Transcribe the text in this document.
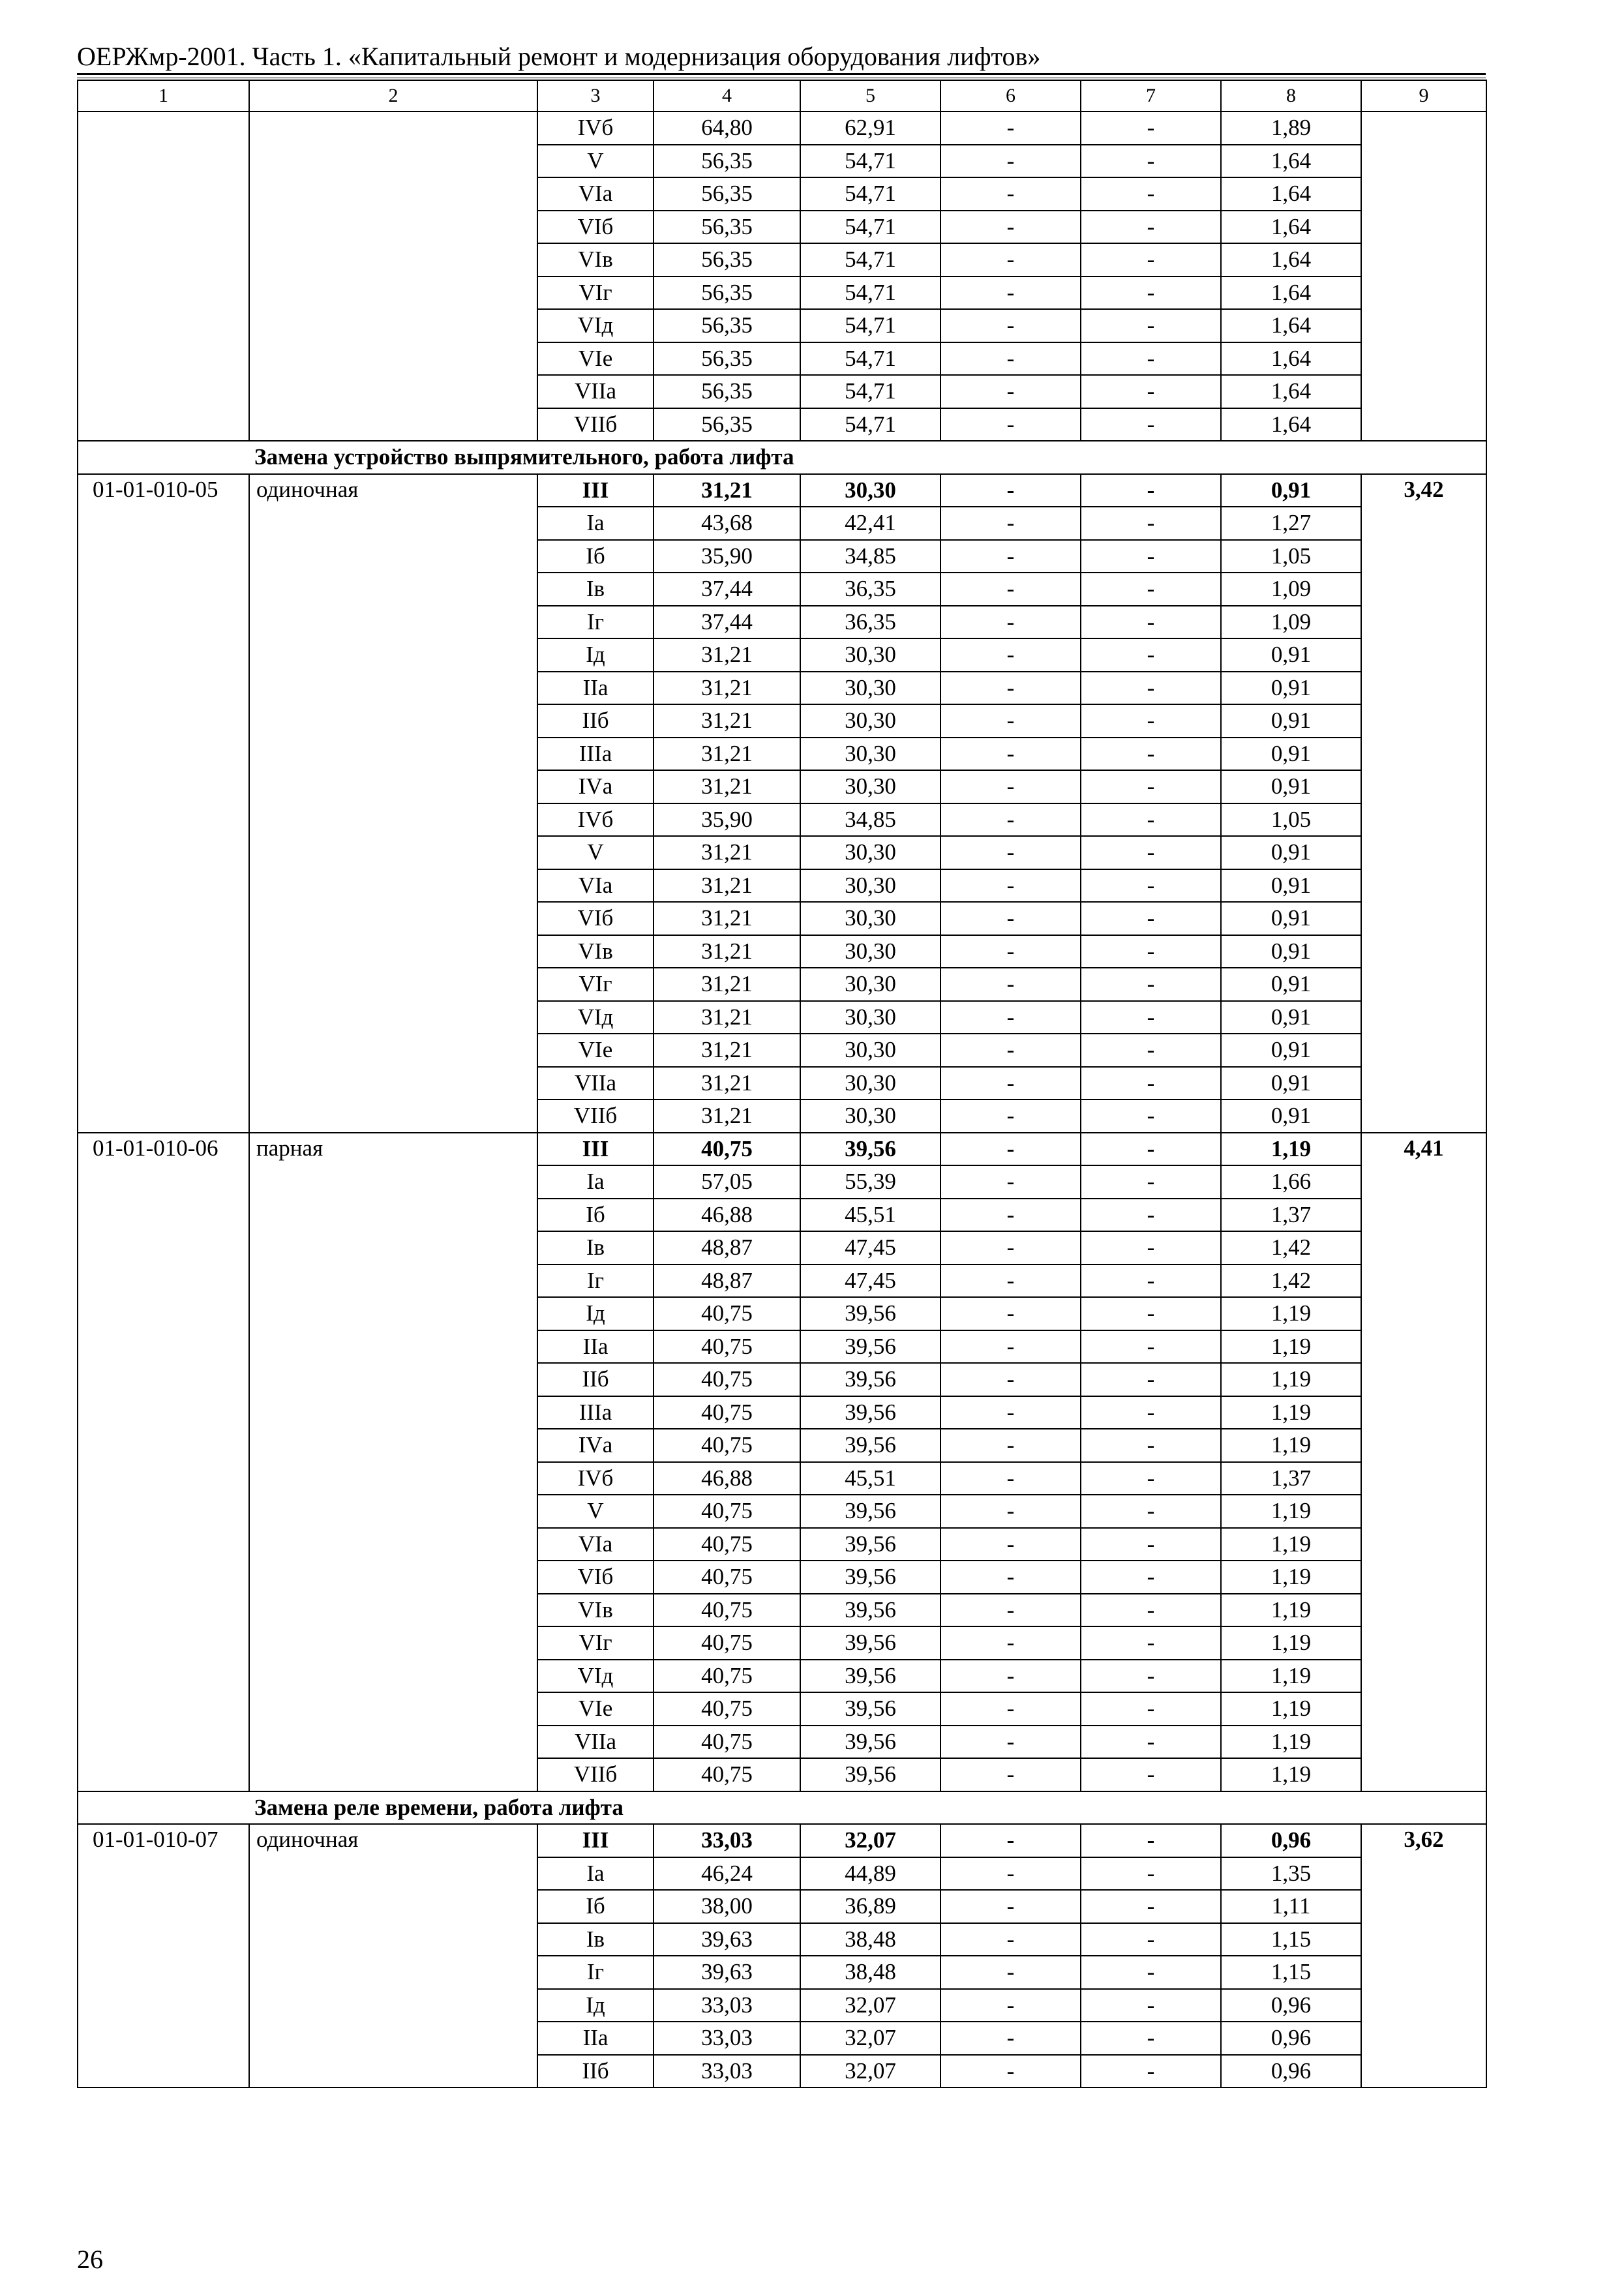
ОЕРЖмр-2001. Часть 1. «Капитальный ремонт и модернизация оборудования лифтов»
1	2	3	4	5	6	7	8	9
		IVб	64,80	62,91	-	-	1,89	
		V	56,35	54,71	-	-	1,64	
		VIа	56,35	54,71	-	-	1,64	
		VIб	56,35	54,71	-	-	1,64	
		VIв	56,35	54,71	-	-	1,64	
		VIг	56,35	54,71	-	-	1,64	
		VIд	56,35	54,71	-	-	1,64	
		VIе	56,35	54,71	-	-	1,64	
		VIIа	56,35	54,71	-	-	1,64	
		VIIб	56,35	54,71	-	-	1,64	
Замена устройство выпрямительного, работа лифта								
01-01-010-05	одиночная	III	31,21	30,30	-	-	0,91	3,42
		Iа	43,68	42,41	-	-	1,27	
		Iб	35,90	34,85	-	-	1,05	
		Iв	37,44	36,35	-	-	1,09	
		Iг	37,44	36,35	-	-	1,09	
		Iд	31,21	30,30	-	-	0,91	
		IIа	31,21	30,30	-	-	0,91	
		IIб	31,21	30,30	-	-	0,91	
		IIIа	31,21	30,30	-	-	0,91	
		IVа	31,21	30,30	-	-	0,91	
		IVб	35,90	34,85	-	-	1,05	
		V	31,21	30,30	-	-	0,91	
		VIа	31,21	30,30	-	-	0,91	
		VIб	31,21	30,30	-	-	0,91	
		VIв	31,21	30,30	-	-	0,91	
		VIг	31,21	30,30	-	-	0,91	
		VIд	31,21	30,30	-	-	0,91	
		VIе	31,21	30,30	-	-	0,91	
		VIIа	31,21	30,30	-	-	0,91	
		VIIб	31,21	30,30	-	-	0,91	
01-01-010-06	парная	III	40,75	39,56	-	-	1,19	4,41
		Iа	57,05	55,39	-	-	1,66	
		Iб	46,88	45,51	-	-	1,37	
		Iв	48,87	47,45	-	-	1,42	
		Iг	48,87	47,45	-	-	1,42	
		Iд	40,75	39,56	-	-	1,19	
		IIа	40,75	39,56	-	-	1,19	
		IIб	40,75	39,56	-	-	1,19	
		IIIа	40,75	39,56	-	-	1,19	
		IVа	40,75	39,56	-	-	1,19	
		IVб	46,88	45,51	-	-	1,37	
		V	40,75	39,56	-	-	1,19	
		VIа	40,75	39,56	-	-	1,19	
		VIб	40,75	39,56	-	-	1,19	
		VIв	40,75	39,56	-	-	1,19	
		VIг	40,75	39,56	-	-	1,19	
		VIд	40,75	39,56	-	-	1,19	
		VIе	40,75	39,56	-	-	1,19	
		VIIа	40,75	39,56	-	-	1,19	
		VIIб	40,75	39,56	-	-	1,19	
Замена реле времени, работа лифта								
01-01-010-07	одиночная	III	33,03	32,07	-	-	0,96	3,62
		Iа	46,24	44,89	-	-	1,35	
		Iб	38,00	36,89	-	-	1,11	
		Iв	39,63	38,48	-	-	1,15	
		Iг	39,63	38,48	-	-	1,15	
		Iд	33,03	32,07	-	-	0,96	
		IIа	33,03	32,07	-	-	0,96	
		IIб	33,03	32,07	-	-	0,96	
26
